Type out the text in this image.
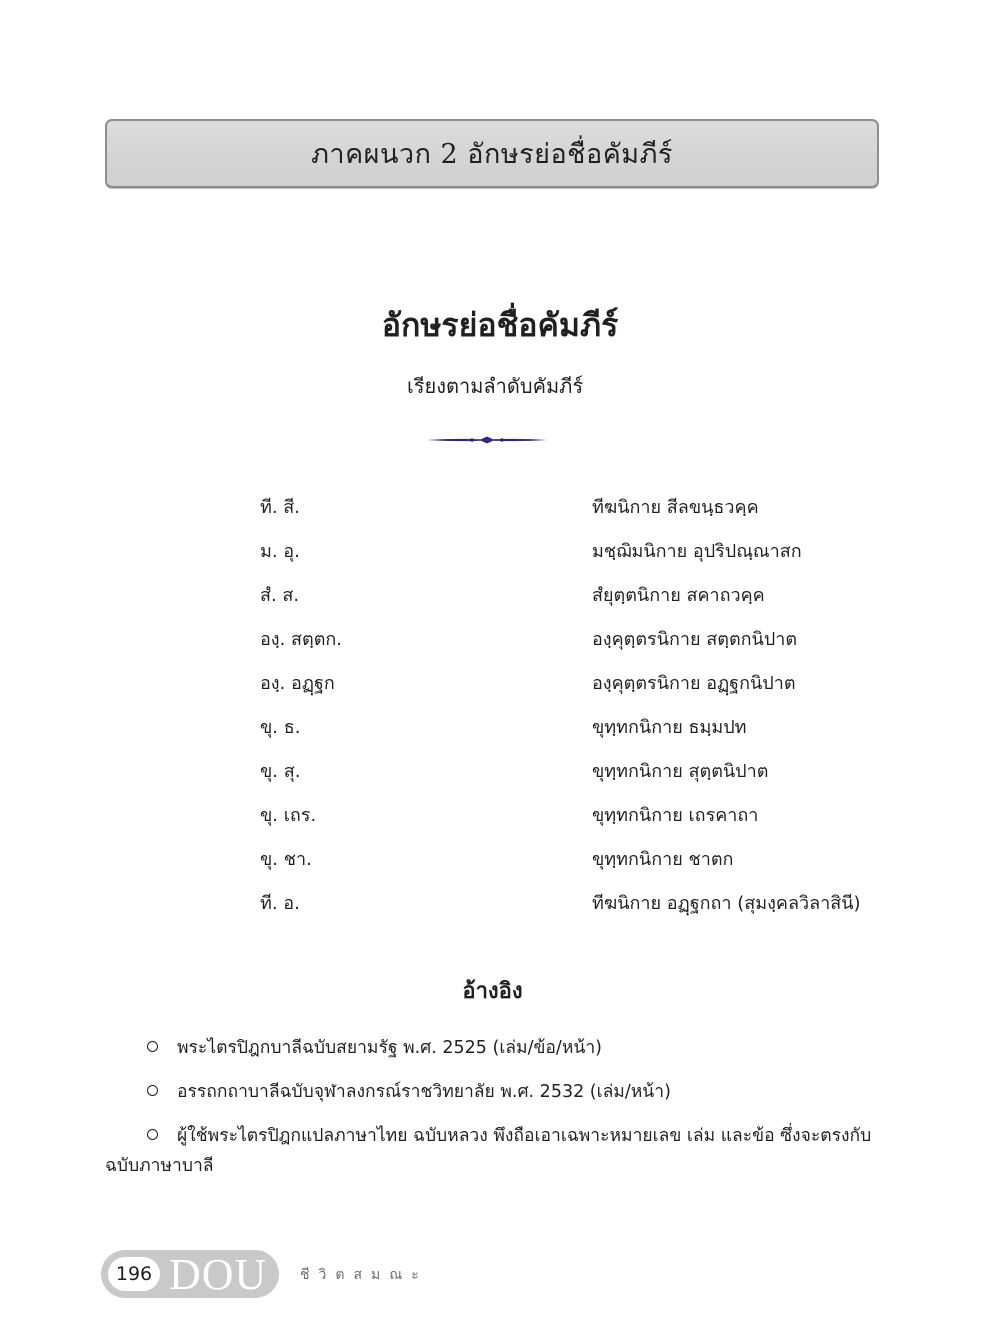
ภาคผนวก 2 อักษรย่อชื่อคัมภีร์
อักษรย่อชื่อคัมภีร์

เรียงตามลำดับคัมภีร์

ที. สี.	ทีฆนิกาย สีลขนฺธวคฺค
ม. อุ.	มชฺฌิมนิกาย อุปริปณฺณาสก
สํ. ส.	สํยุตฺตนิกาย สคาถวคฺค
องฺ. สตฺตก.	องฺคุตฺตรนิกาย สตฺตกนิปาต
องฺ. อฏฺฐก	องฺคุตฺตรนิกาย อฏฺฐกนิปาต
ขุ. ธ.	ขุทฺทกนิกาย ธมฺมปท
ขุ. สุ.	ขุทฺทกนิกาย สุตฺตนิปาต
ขุ. เถร.	ขุทฺทกนิกาย เถรคาถา
ขุ. ชา.	ขุทฺทกนิกาย ชาตก
ที. อ.	ทีฆนิกาย อฏฺฐกถา (สุมงฺคลวิลาสินี)
อ้างอิง
พระไตรปิฎกบาลีฉบับสยามรัฐ พ.ศ. 2525 (เล่ม/ข้อ/หน้า)
อรรถกถาบาลีฉบับจุฬาลงกรณ์ราชวิทยาลัย พ.ศ. 2532 (เล่ม/หน้า)
ผู้ใช้พระไตรปิฎกแปลภาษาไทย ฉบับหลวง พึงถือเอาเฉพาะหมายเลข เล่ม และข้อ ซึ่งจะตรงกับฉบับภาษาบาลี
196 DOU ชีวิตสมณะ
